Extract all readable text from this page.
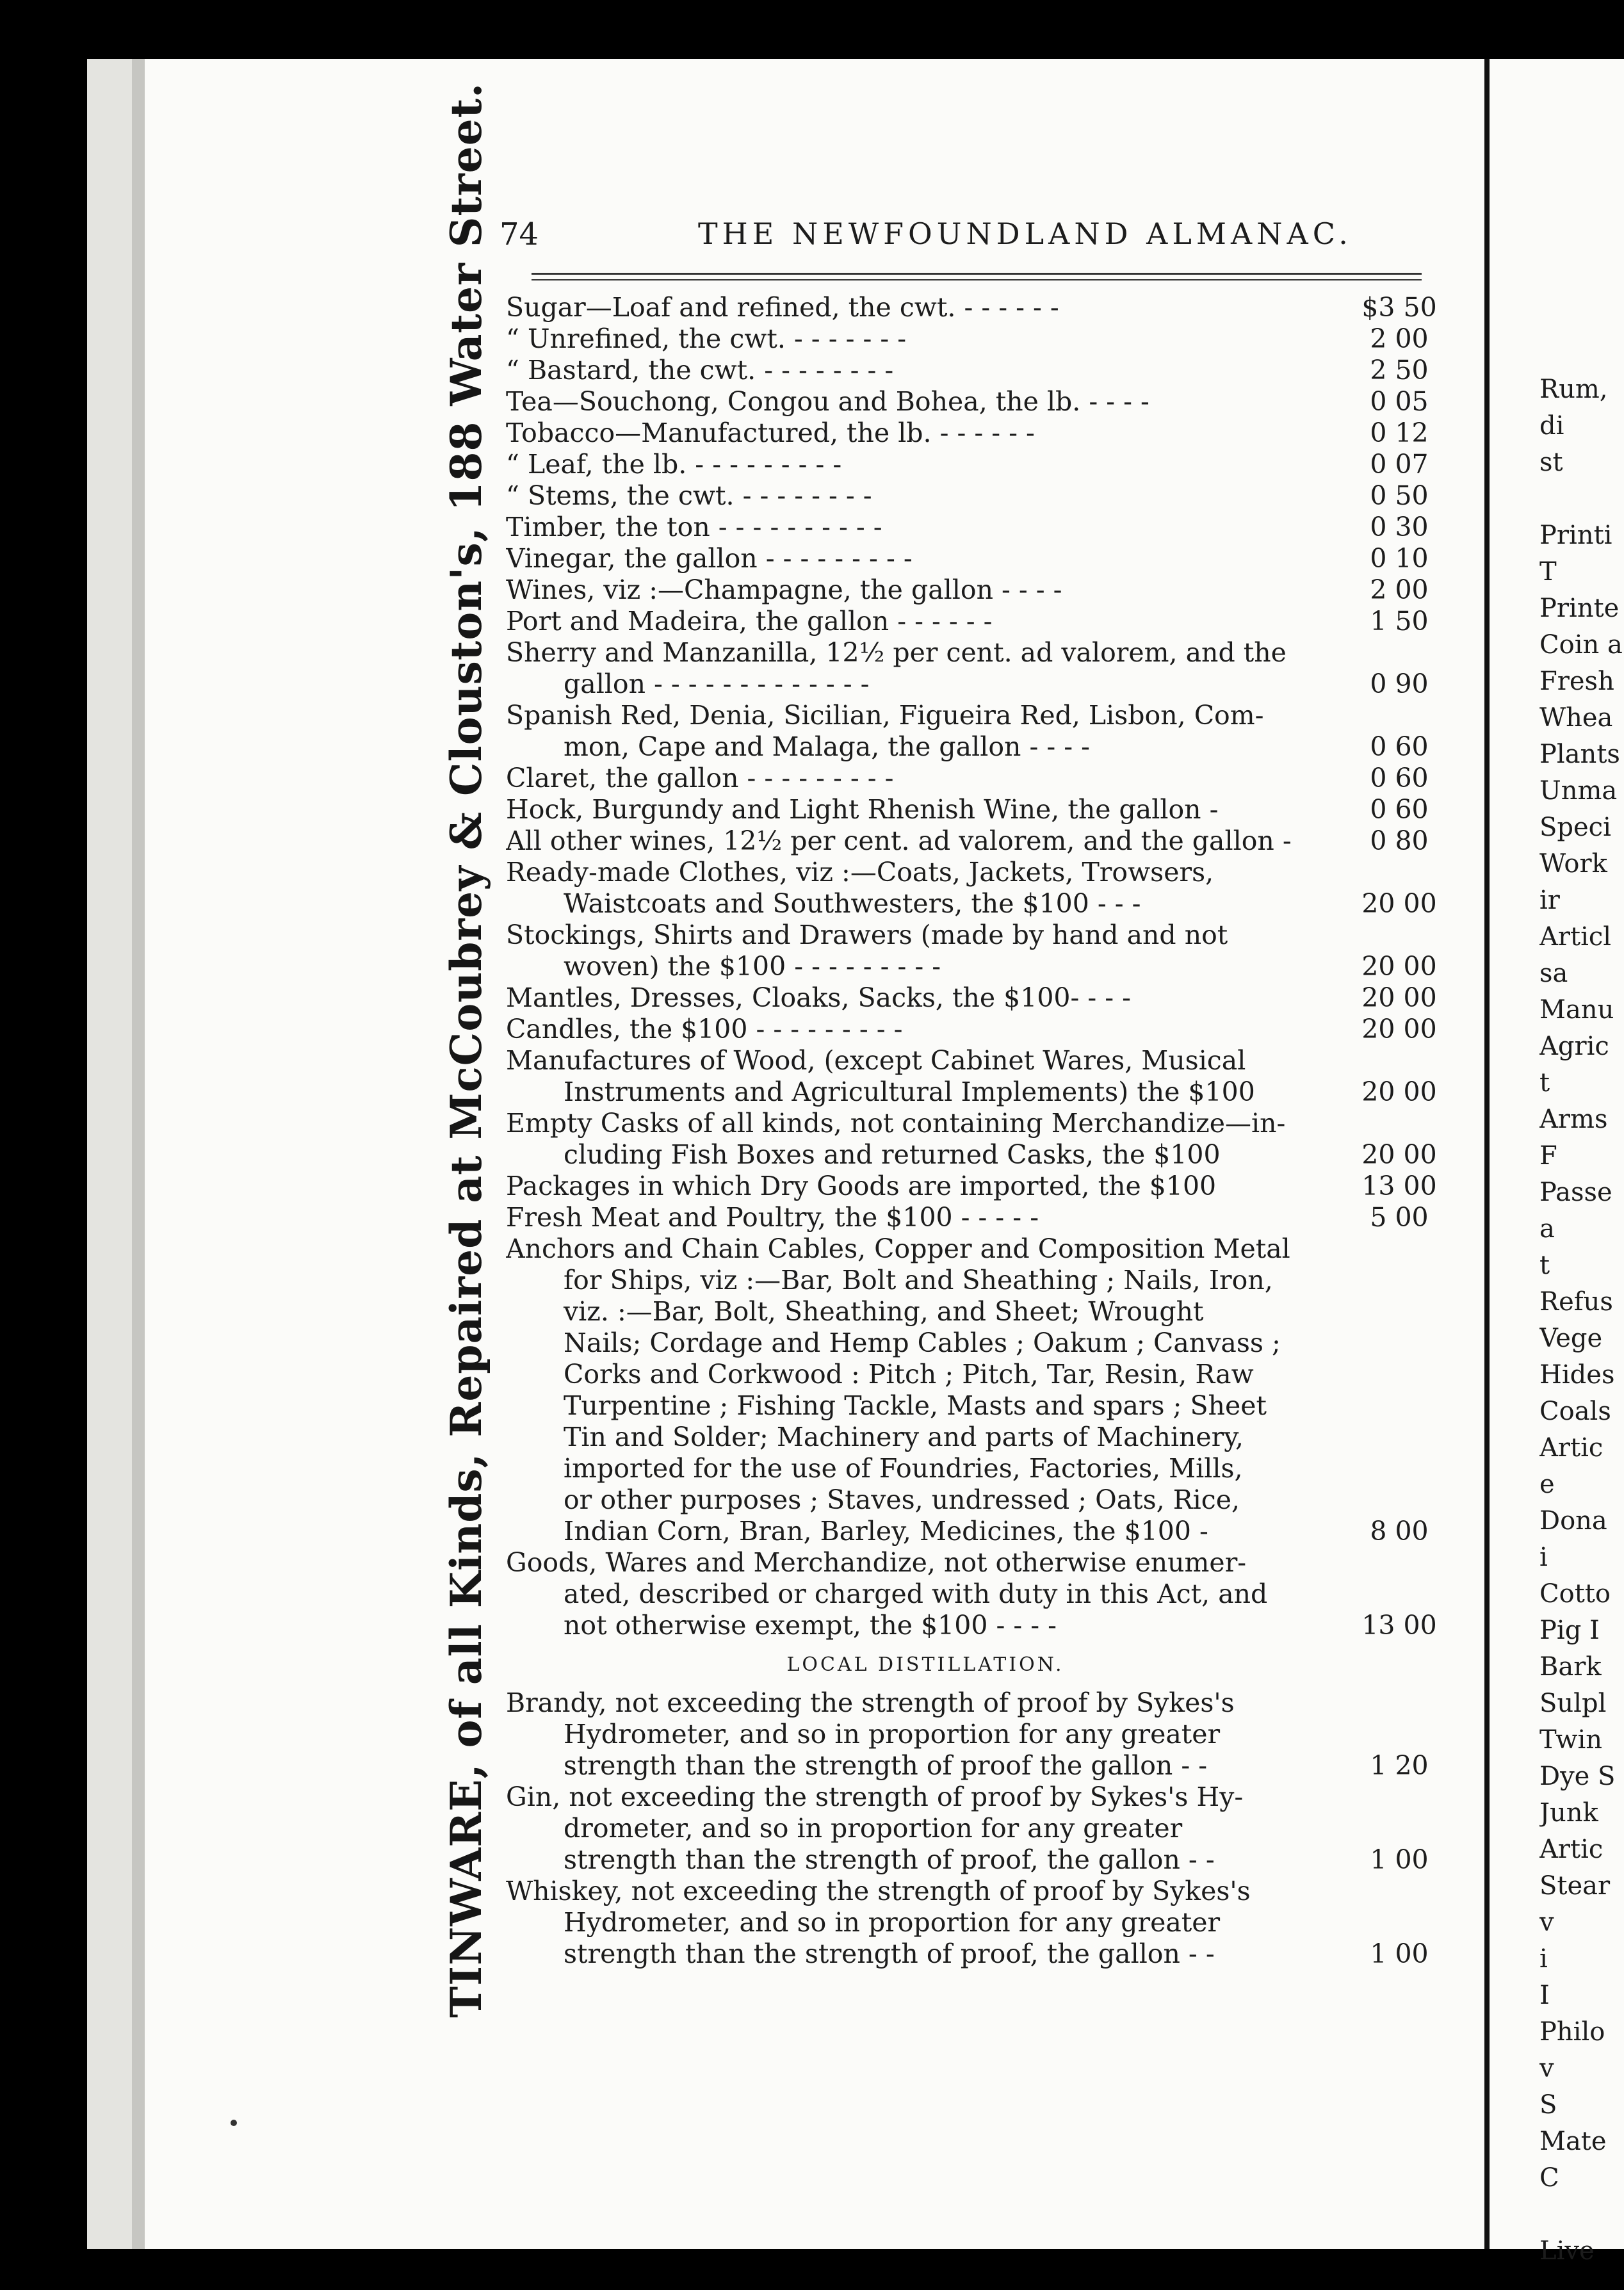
TINWARE, of all Kinds, Repaired at McCoubrey & Clouston's, 188 Water Street. 74	THE NEWFOUNDLAND ALMANAC.
Sugar—Loaf and refined, the cwt. - - - - - -	$3 50
“ Unrefined, the cwt. - - - - - - -	2 00
“ Bastard, the cwt. - - - - - - - -	2 50
Tea—Souchong, Congou and Bohea, the lb. - - - -	0 05
Tobacco—Manufactured, the lb. - - - - - -	0 12
“ Leaf, the lb. - - - - - - - - -	0 07
“ Stems, the cwt. - - - - - - - -	0 50
Timber, the ton - - - - - - - - - -	0 30
Vinegar, the gallon - - - - - - - - -	0 10
Wines, viz :—Champagne, the gallon - - - -	2 00
Port and Madeira, the gallon - - - - - -	1 50
Sherry and Manzanilla, 12½ per cent. ad valorem, and the
gallon - - - - - - - - - - - - -	0 90
Spanish Red, Denia, Sicilian, Figueira Red, Lisbon, Com-
mon, Cape and Malaga, the gallon - - - -	0 60
Claret, the gallon - - - - - - - - -	0 60
Hock, Burgundy and Light Rhenish Wine, the gallon -	0 60
All other wines, 12½ per cent. ad valorem, and the gallon -	0 80
Ready-made Clothes, viz :—Coats, Jackets, Trowsers,
Waistcoats and Southwesters, the $100 - - -	20 00
Stockings, Shirts and Drawers (made by hand and not
woven) the $100 - - - - - - - - -	20 00
Mantles, Dresses, Cloaks, Sacks, the $100- - - -	20 00
Candles, the $100 - - - - - - - - -	20 00
Manufactures of Wood, (except Cabinet Wares, Musical
Instruments and Agricultural Implements) the $100	20 00
Empty Casks of all kinds, not containing Merchandize—in-
cluding Fish Boxes and returned Casks, the $100	20 00
Packages in which Dry Goods are imported, the $100	13 00
Fresh Meat and Poultry, the $100 - - - - -	5 00
Anchors and Chain Cables, Copper and Composition Metal
for Ships, viz :—Bar, Bolt and Sheathing ; Nails, Iron,
viz. :—Bar, Bolt, Sheathing, and Sheet; Wrought
Nails; Cordage and Hemp Cables ; Oakum ; Canvass ;
Corks and Corkwood : Pitch ; Pitch, Tar, Resin, Raw
Turpentine ; Fishing Tackle, Masts and spars ; Sheet
Tin and Solder; Machinery and parts of Machinery,
imported for the use of Foundries, Factories, Mills,
or other purposes ; Staves, undressed ; Oats, Rice,
Indian Corn, Bran, Barley, Medicines, the $100 -	8 00
Goods, Wares and Merchandize, not otherwise enumer-
ated, described or charged with duty in this Act, and
not otherwise exempt, the $100 - - - -	13 00
LOCAL DISTILLATION.
Brandy, not exceeding the strength of proof by Sykes's
Hydrometer, and so in proportion for any greater
strength than the strength of proof the gallon - -	1 20
Gin, not exceeding the strength of proof by Sykes's Hy-
drometer, and so in proportion for any greater
strength than the strength of proof, the gallon - -	1 00
Whiskey, not exceeding the strength of proof by Sykes's
Hydrometer, and so in proportion for any greater
strength than the strength of proof, the gallon - -	1 00
Rum,
di
st
Printi
T
Printe
Coin a
Fresh
Whea
Plants
Unma
Speci
Work
ir
Articl
sa
Manu
Agric
t
Arms
F
Passe
a
t
Refus
Vege
Hides
Coals
Artic
e
Dona
i
Cotto
Pig I
Bark
Sulpl
Twin
Dye S
Junk
Artic
Stear
v
i
I
Philo
v
S
Mate
C
Live
